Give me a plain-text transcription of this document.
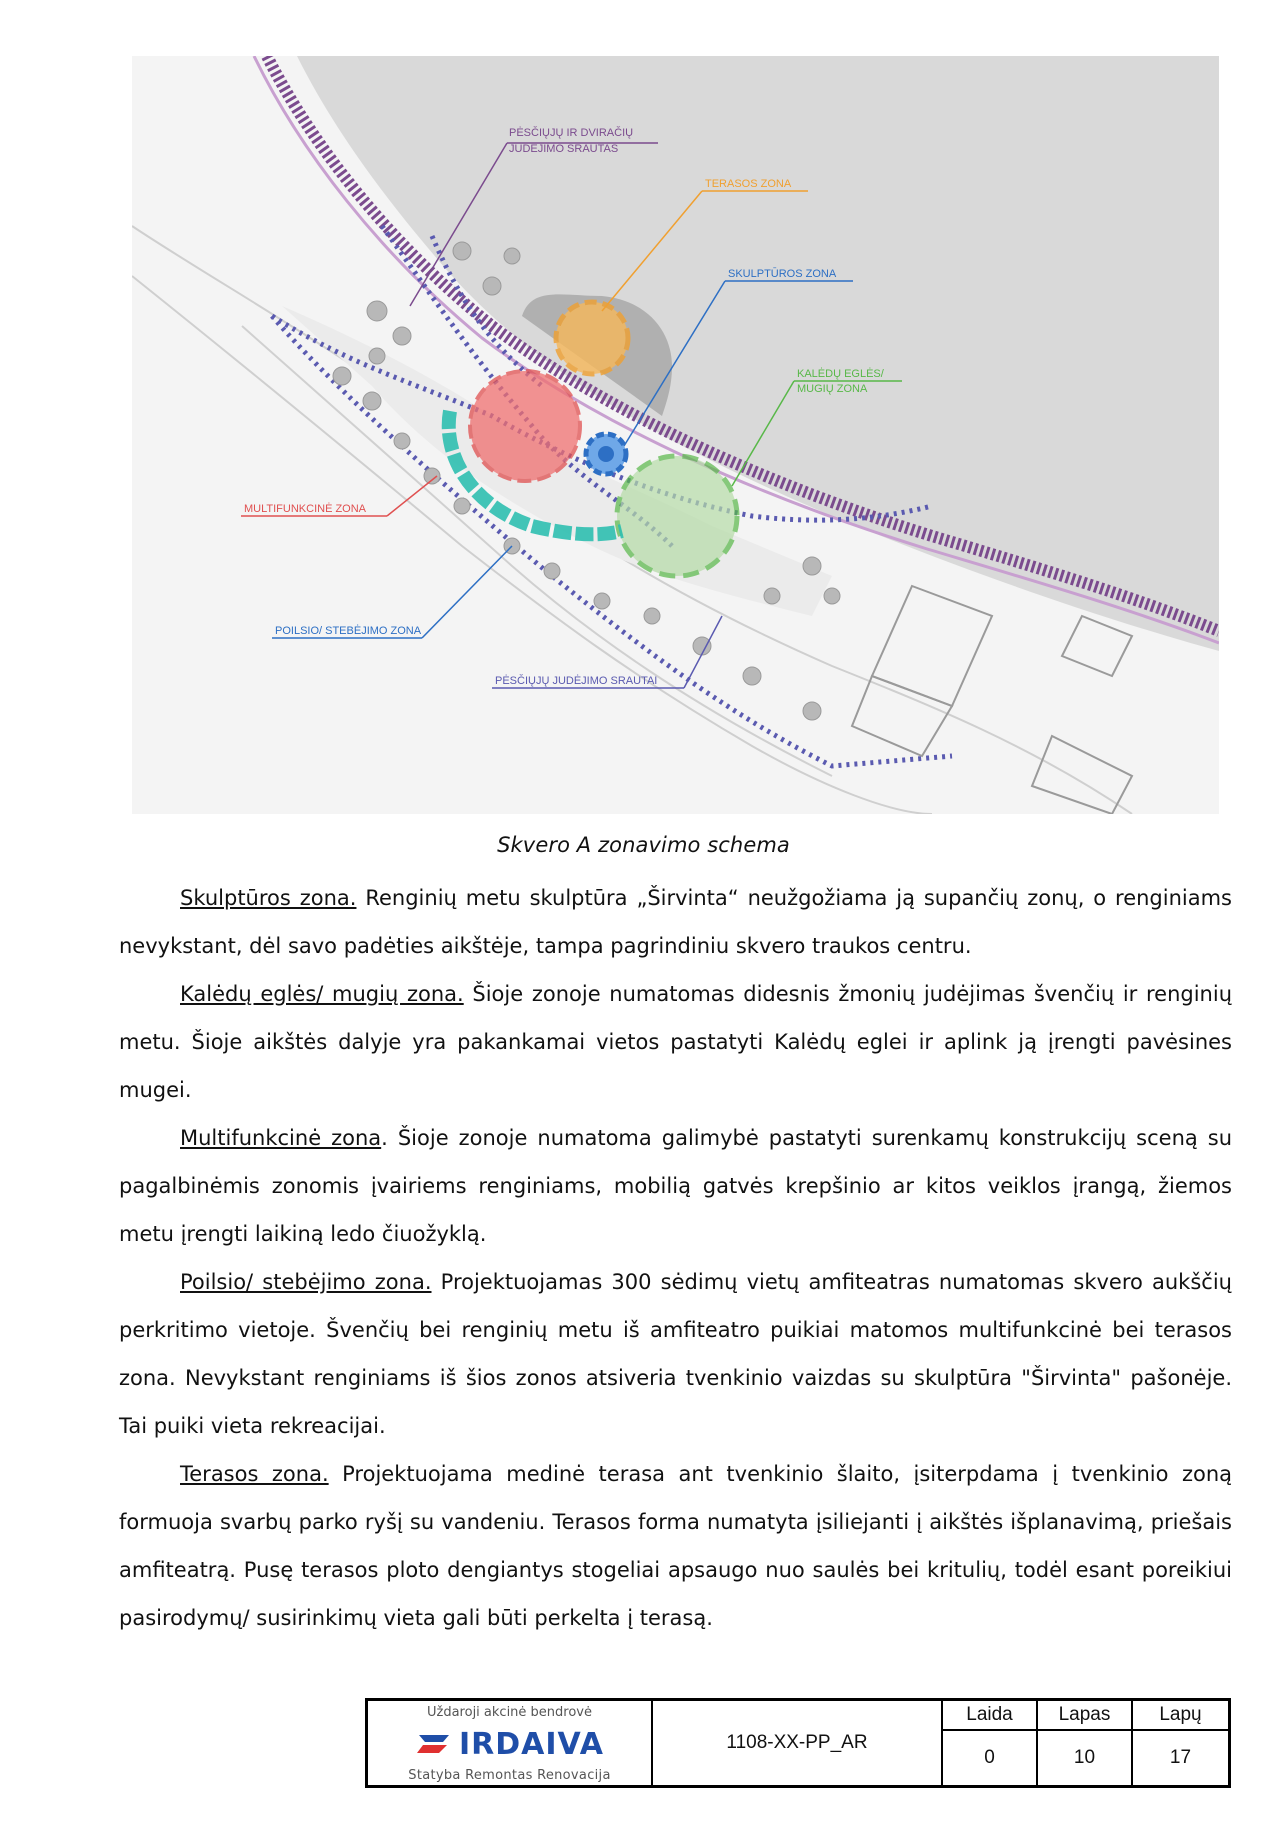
PĖSČIŲJŲ IR DVIRAČIŲ
JUDĖJIMO SRAUTAS
TERASOS ZONA
SKULPTŪROS ZONA
KALĖDŲ EGLĖS/
MUGIŲ ZONA
MULTIFUNKCINĖ ZONA
POILSIO/ STEBĖJIMO ZONA
PĖSČIŲJŲ JUDĖJIMO SRAUTAI
Skvero A zonavimo schema

Skulptūros zona. Renginių metu skulptūra „Širvinta“ neužgožiama ją supančių zonų, o renginiams nevykstant, dėl savo padėties aikštėje, tampa pagrindiniu skvero traukos centru.

Kalėdų eglės/ mugių zona. Šioje zonoje numatomas didesnis žmonių judėjimas švenčių ir renginių metu. Šioje aikštės dalyje yra pakankamai vietos pastatyti Kalėdų eglei ir aplink ją įrengti pavėsines mugei.

Multifunkcinė zona. Šioje zonoje numatoma galimybė pastatyti surenkamų konstrukcijų sceną su pagalbinėmis zonomis įvairiems renginiams, mobilią gatvės krepšinio ar kitos veiklos įrangą, žiemos metu įrengti laikiną ledo čiuožyklą.

Poilsio/ stebėjimo zona. Projektuojamas 300 sėdimų vietų amfiteatras numatomas skvero aukščių perkritimo vietoje. Švenčių bei renginių metu iš amfiteatro puikiai matomos multifunkcinė bei terasos zona. Nevykstant renginiams iš šios zonos atsiveria tvenkinio vaizdas su skulptūra "Širvinta" pašonėje. Tai puiki vieta rekreacijai.

Terasos zona. Projektuojama medinė terasa ant tvenkinio šlaito, įsiterpdama į tvenkinio zoną formuoja svarbų parko ryšį su vandeniu. Terasos forma numatyta įsiliejanti į aikštės išplanavimą, priešais amfiteatrą. Pusę terasos ploto dengiantys stogeliai apsaugo nuo saulės bei kritulių, todėl esant poreikiui pasirodymų/ susirinkimų vieta gali būti perkelta į terasą.

Uždaroji akcinė bendrovė
IRDAIVA
Statyba Remontas Renovacija
1108-XX-PP_AR
Laida	Lapas	Lapų
0	10	17
